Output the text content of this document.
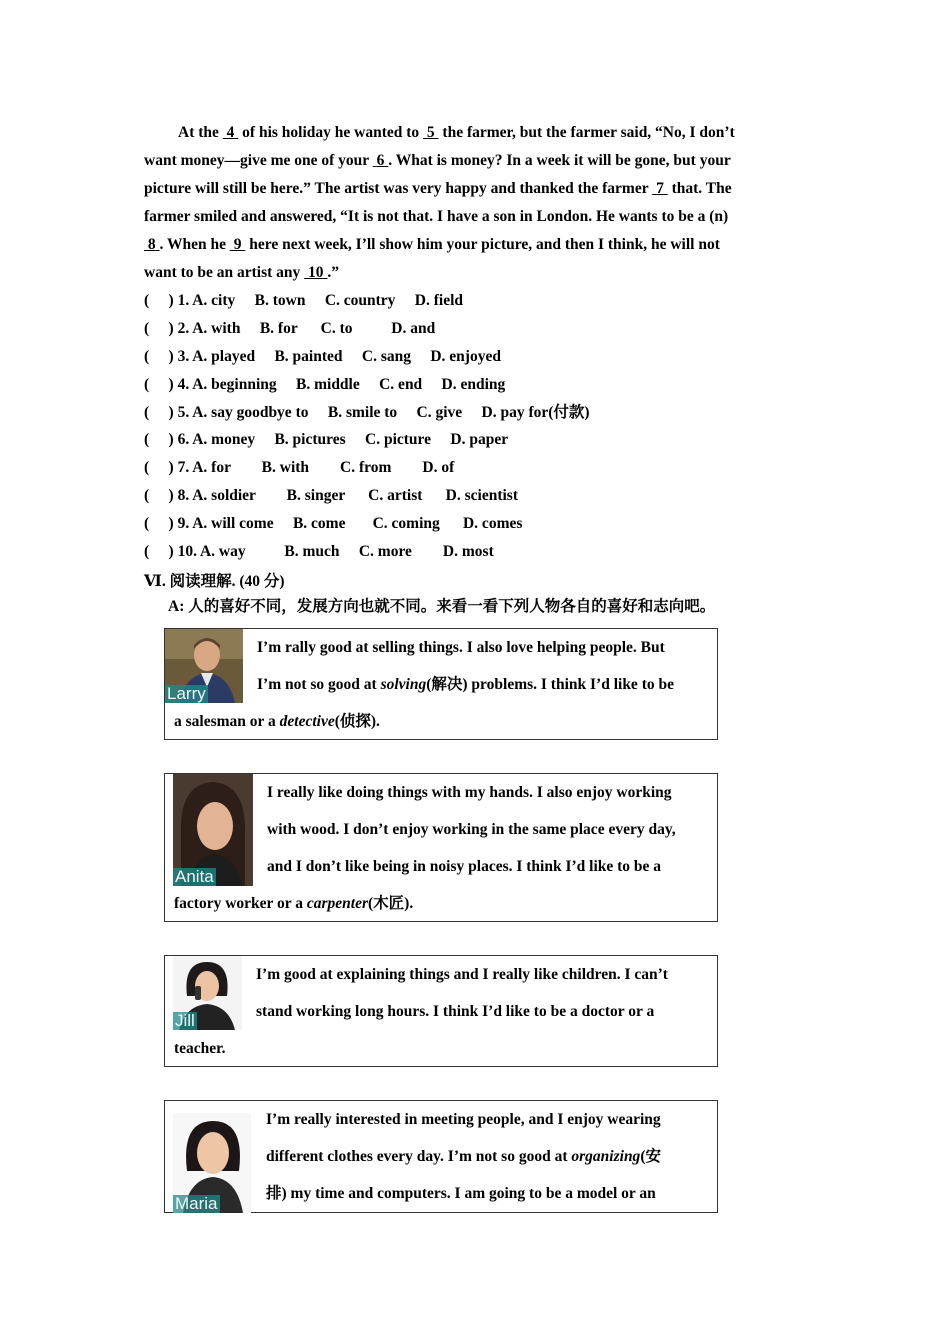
At the  4  of his holiday he wanted to  5  the farmer, but the farmer said, “No, I don’t
want money—give me one of your  6 . What is money? In a week it will be gone, but your
picture will still be here.” The artist was very happy and thanked the farmer  7  that. The
farmer smiled and answered, “It is not that. I have a son in London. He wants to be a (n)
8 . When he  9  here next week, I’ll show him your picture, and then I think, he will not
want to be an artist any  10 .”
(     ) 1. A. city     B. town     C. country     D. field
(     ) 2. A. with     B. for      C. to          D. and
(     ) 3. A. played     B. painted     C. sang     D. enjoyed
(     ) 4. A. beginning     B. middle     C. end     D. ending
(     ) 5. A. say goodbye to     B. smile to     C. give     D. pay for(付款)
(     ) 6. A. money     B. pictures     C. picture     D. paper
(     ) 7. A. for        B. with        C. from        D. of
(     ) 8. A. soldier        B. singer      C. artist      D. scientist
(     ) 9. A. will come     B. come       C. coming      D. comes
(     ) 10. A. way          B. much     C. more        D. most
Ⅵ. 阅读理解. (40 分)
A: 人的喜好不同，发展方向也就不同。来看一看下列人物各自的喜好和志向吧。
Larry
I’m rally good at selling things. I also love helping people. But
I’m not so good at solving(解决) problems. I think I’d like to be
a salesman or a detective(侦探).
Anita
I really like doing things with my hands. I also enjoy working
with wood. I don’t enjoy working in the same place every day,
and I don’t like being in noisy places. I think I’d like to be a
factory worker or a carpenter(木匠).
Jill
I’m good at explaining things and I really like children. I can’t
stand working long hours. I think I’d like to be a doctor or a
teacher.
Maria
I’m really interested in meeting people, and I enjoy wearing
different clothes every day. I’m not so good at organizing(安
排) my time and computers. I am going to be a model or an
